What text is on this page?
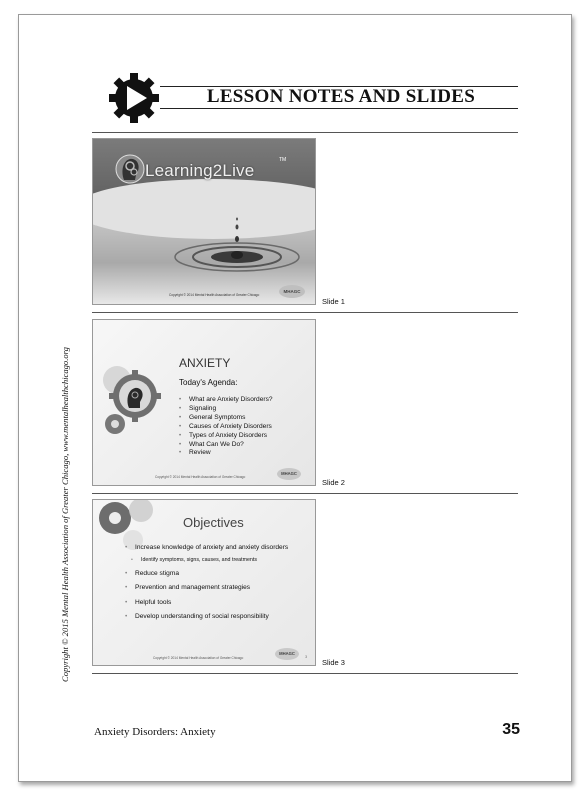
LESSON NOTES AND SLIDES
Learning2Live
TM
Copyright © 2014 Mental Health Association of Greater Chicago
MHAGC
Slide 1
ANXIETY
Today's Agenda:
• What are Anxiety Disorders?
• Signaling
• General Symptoms
• Causes of Anxiety Disorders
• Types of Anxiety Disorders
• What Can We Do?
• Review
Copyright © 2014 Mental Health Association of Greater Chicago
MHAGC
Slide 2
Objectives
• Increase knowledge of anxiety and anxiety disorders
• Identify symptoms, signs, causes, and treatments
• Reduce stigma
• Prevention and management strategies
• Helpful tools
• Develop understanding of social responsibility
Copyright © 2014 Mental Health Association of Greater Chicago
MHAGC
3
Slide 3
Copyright © 2015 Mental Health Association of Greater Chicago, www.mentalhealthchicago.org
Anxiety Disorders: Anxiety	35
